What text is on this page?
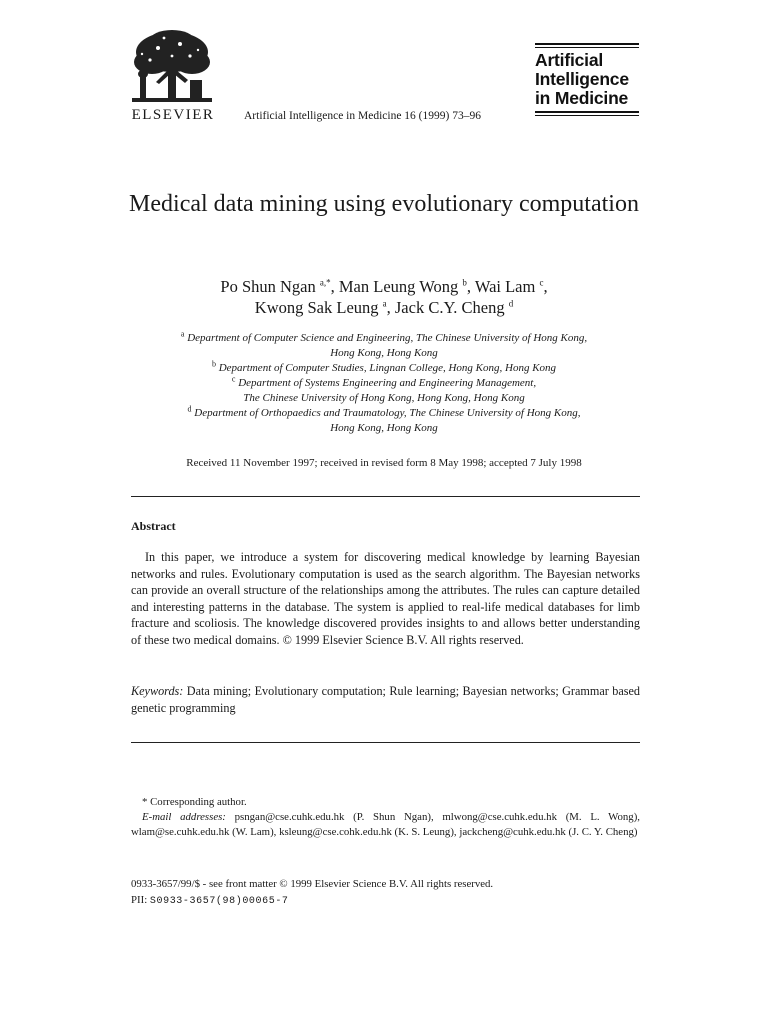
ELSEVIER	Artificial Intelligence in Medicine 16 (1999) 73–96
Artificial
Intelligence
in Medicine
Medical data mining using evolutionary computation
Po Shun Ngan $^{a,*}$, Man Leung Wong $^b$, Wai Lam $^c$,
Kwong Sak Leung $^a$, Jack C.Y. Cheng $^d$
$^a$ Department of Computer Science and Engineering, The Chinese University of Hong Kong,
Hong Kong, Hong Kong
$^b$ Department of Computer Studies, Lingnan College, Hong Kong, Hong Kong
$^c$ Department of Systems Engineering and Engineering Management,
The Chinese University of Hong Kong, Hong Kong, Hong Kong
$^d$ Department of Orthopaedics and Traumatology, The Chinese University of Hong Kong,
Hong Kong, Hong Kong
Received 11 November 1997; received in revised form 8 May 1998; accepted 7 July 1998
Abstract
In this paper, we introduce a system for discovering medical knowledge by learning Bayesian networks and rules. Evolutionary computation is used as the search algorithm. The Bayesian networks can provide an overall structure of the relationships among the attributes. The rules can capture detailed and interesting patterns in the database. The system is applied to real-life medical databases for limb fracture and scoliosis. The knowledge discovered provides insights to and allows better understanding of these two medical domains. © 1999 Elsevier Science B.V. All rights reserved.
Keywords: Data mining; Evolutionary computation; Rule learning; Bayesian networks; Grammar based genetic programming
* Corresponding author.
E-mail addresses: psngan@cse.cuhk.edu.hk (P. Shun Ngan), mlwong@cse.cuhk.edu.hk (M. L. Wong), wlam@se.cuhk.edu.hk (W. Lam), ksleung@cse.cohk.edu.hk (K. S. Leung), jackcheng@cuhk.edu.hk (J. C. Y. Cheng)
0933-3657/99/$ - see front matter © 1999 Elsevier Science B.V. All rights reserved.
PII: S0933-3657(98)00065-7
